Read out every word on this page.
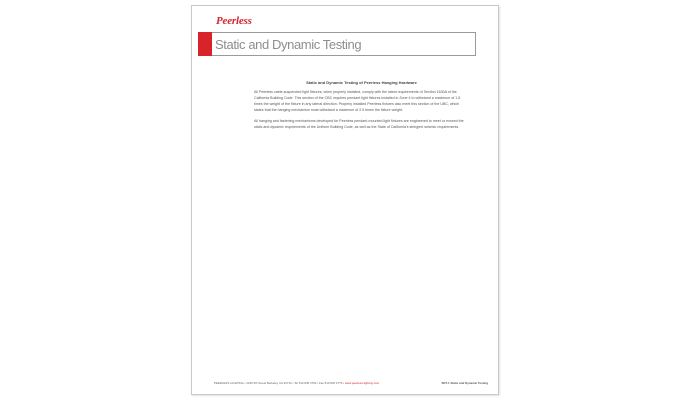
Peerless
Static and Dynamic Testing
Static and Dynamic Testing of Peerless Hanging Hardware

All Peerless cable-suspended light fixtures, when properly installed, comply with the latest requirements of Section 1630A of the California Building Code. This section of the CBC requires pendant light fixtures installed in Zone 4 to withstand a maximum of 1.5 times the weight of the fixture in any lateral direction. Properly installed Peerless fixtures also meet this section of the UBC, which states that the hanging mechanism must withstand a maximum of 2.5 times the fixture weight.

All hanging and fastening mechanisms developed for Peerless pendant-mounted light fixtures are engineered to meet or exceed the static and dynamic requirements of the Uniform Building Code, as well as the State of California's stringent seismic requirements.

PEERLESS LIGHTING • 2246 5th Street Berkeley CA 94710 • Tel 510 845 2760 • Fax 510 845 2776 • www.peerless-lighting.com	SDT-1 Static and Dynamic Testing
